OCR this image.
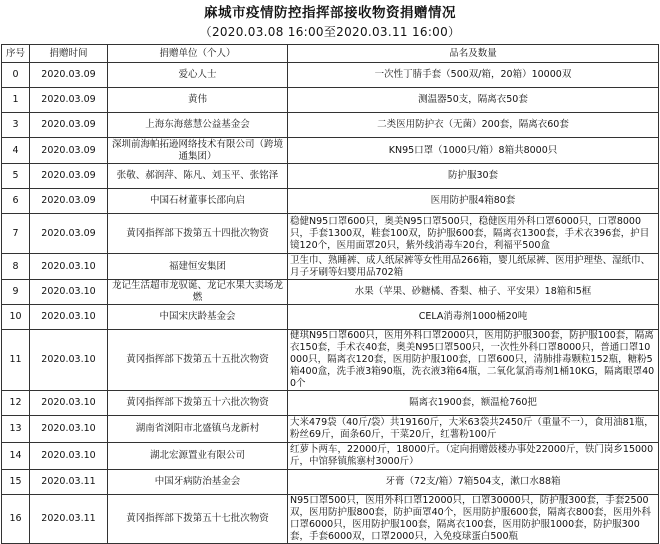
麻城市疫情防控指挥部接收物资捐赠情况
（2020.03.08 16:00至2020.03.11 16:00）
序号	捐赠时间	捐赠单位（个人）	品名及数量
0	2020.03.09	爱心人士	一次性丁腈手套（500双/箱，20箱）10000双
1	2020.03.09	黄伟	测温器50支，隔离衣50套
3	2020.03.09	上海东海慈慧公益基金会	二类医用防护衣（无菌）200套，隔离衣60套
4	2020.03.09	深圳前海帕拓逊网络技术有限公司（跨境通集团）	KN95口罩（1000只/箱）8箱共8000只
5	2020.03.09	张敬、郝润萍、陈凡、刘玉平、张铭泽	防护服30套
6	2020.03.09	中国石材董事长邵向启	医用防护服4箱80套
7	2020.03.09	黄冈指挥部下拨第五十四批次物资	稳健N95口罩600只，奥美N95口罩500只，稳健医用外科口罩6000只，口罩8000只，手套1300双，鞋套100双，防护服600套，隔离衣1300套，手术衣396套，护目镜120个，医用面罩20只，紫外线消毒车20台，利福平500盒
8	2020.03.10	福建恒安集团	卫生巾、熟睡裤、成人纸尿裤等女性用品266箱，婴儿纸尿裤、医用护理垫、湿纸巾、月子牙刷等妇婴用品702箱
9	2020.03.10	龙记生活超市龙驭诞、龙记水果大卖场龙燃	水果（苹果、砂糖橘、香梨、柚子、平安果）18箱和5框
10	2020.03.10	中国宋庆龄基金会	CELA消毒剂1000桶20吨
11	2020.03.10	黄冈指挥部下拨第五十五批次物资	健琪N95口罩600只，医用外科口罩2000只，医用防护服300套，防护服100套，隔离衣150套，手术衣40套，奥美N95口罩500只，一次性外科口罩8000只，普通口罩10000只，隔离衣120套，医用防护服100套，口罩600只，清肺排毒颗粒152瓶，糖粉5箱400盒，洗手液3箱90瓶，洗衣液3箱64瓶，二氧化氯消毒剂1桶10KG，隔离眼罩400个
12	2020.03.10	黄冈指挥部下拨第五十六批次物资	隔离衣1900套，额温枪760把
13	2020.03.10	湖南省浏阳市北盛镇乌龙新村	大米479袋（40斤/袋）共19160斤，大米63袋共2450斤（重量不一），食用油81瓶，粉丝69斤，面条60斤，干菜20斤，红薯粉100斤
14	2020.03.10	湖北宏源置业有限公司	红萝卜两车，22000斤，18000斤。（定向捐赠鼓楼办事处22000斤，铁门岗乡15000斤，中馆驿镇熊寨村3000斤）
15	2020.03.11	中国牙病防治基金会	牙膏（72支/箱）7箱504支，漱口水88箱
16	2020.03.11	黄冈指挥部下拨第五十七批次物资	N95口罩500只，医用外科口罩12000只，口罩30000只，防护服300套，手套2500双，医用防护服800套，防护面罩40个，医用防护服600套，隔离衣800套，医用外科口罩6000只，医用防护服100套，隔离衣100套，医用防护服1000套，防护服300套，手套6000双，口罩2000只，入免疫球蛋白500瓶
